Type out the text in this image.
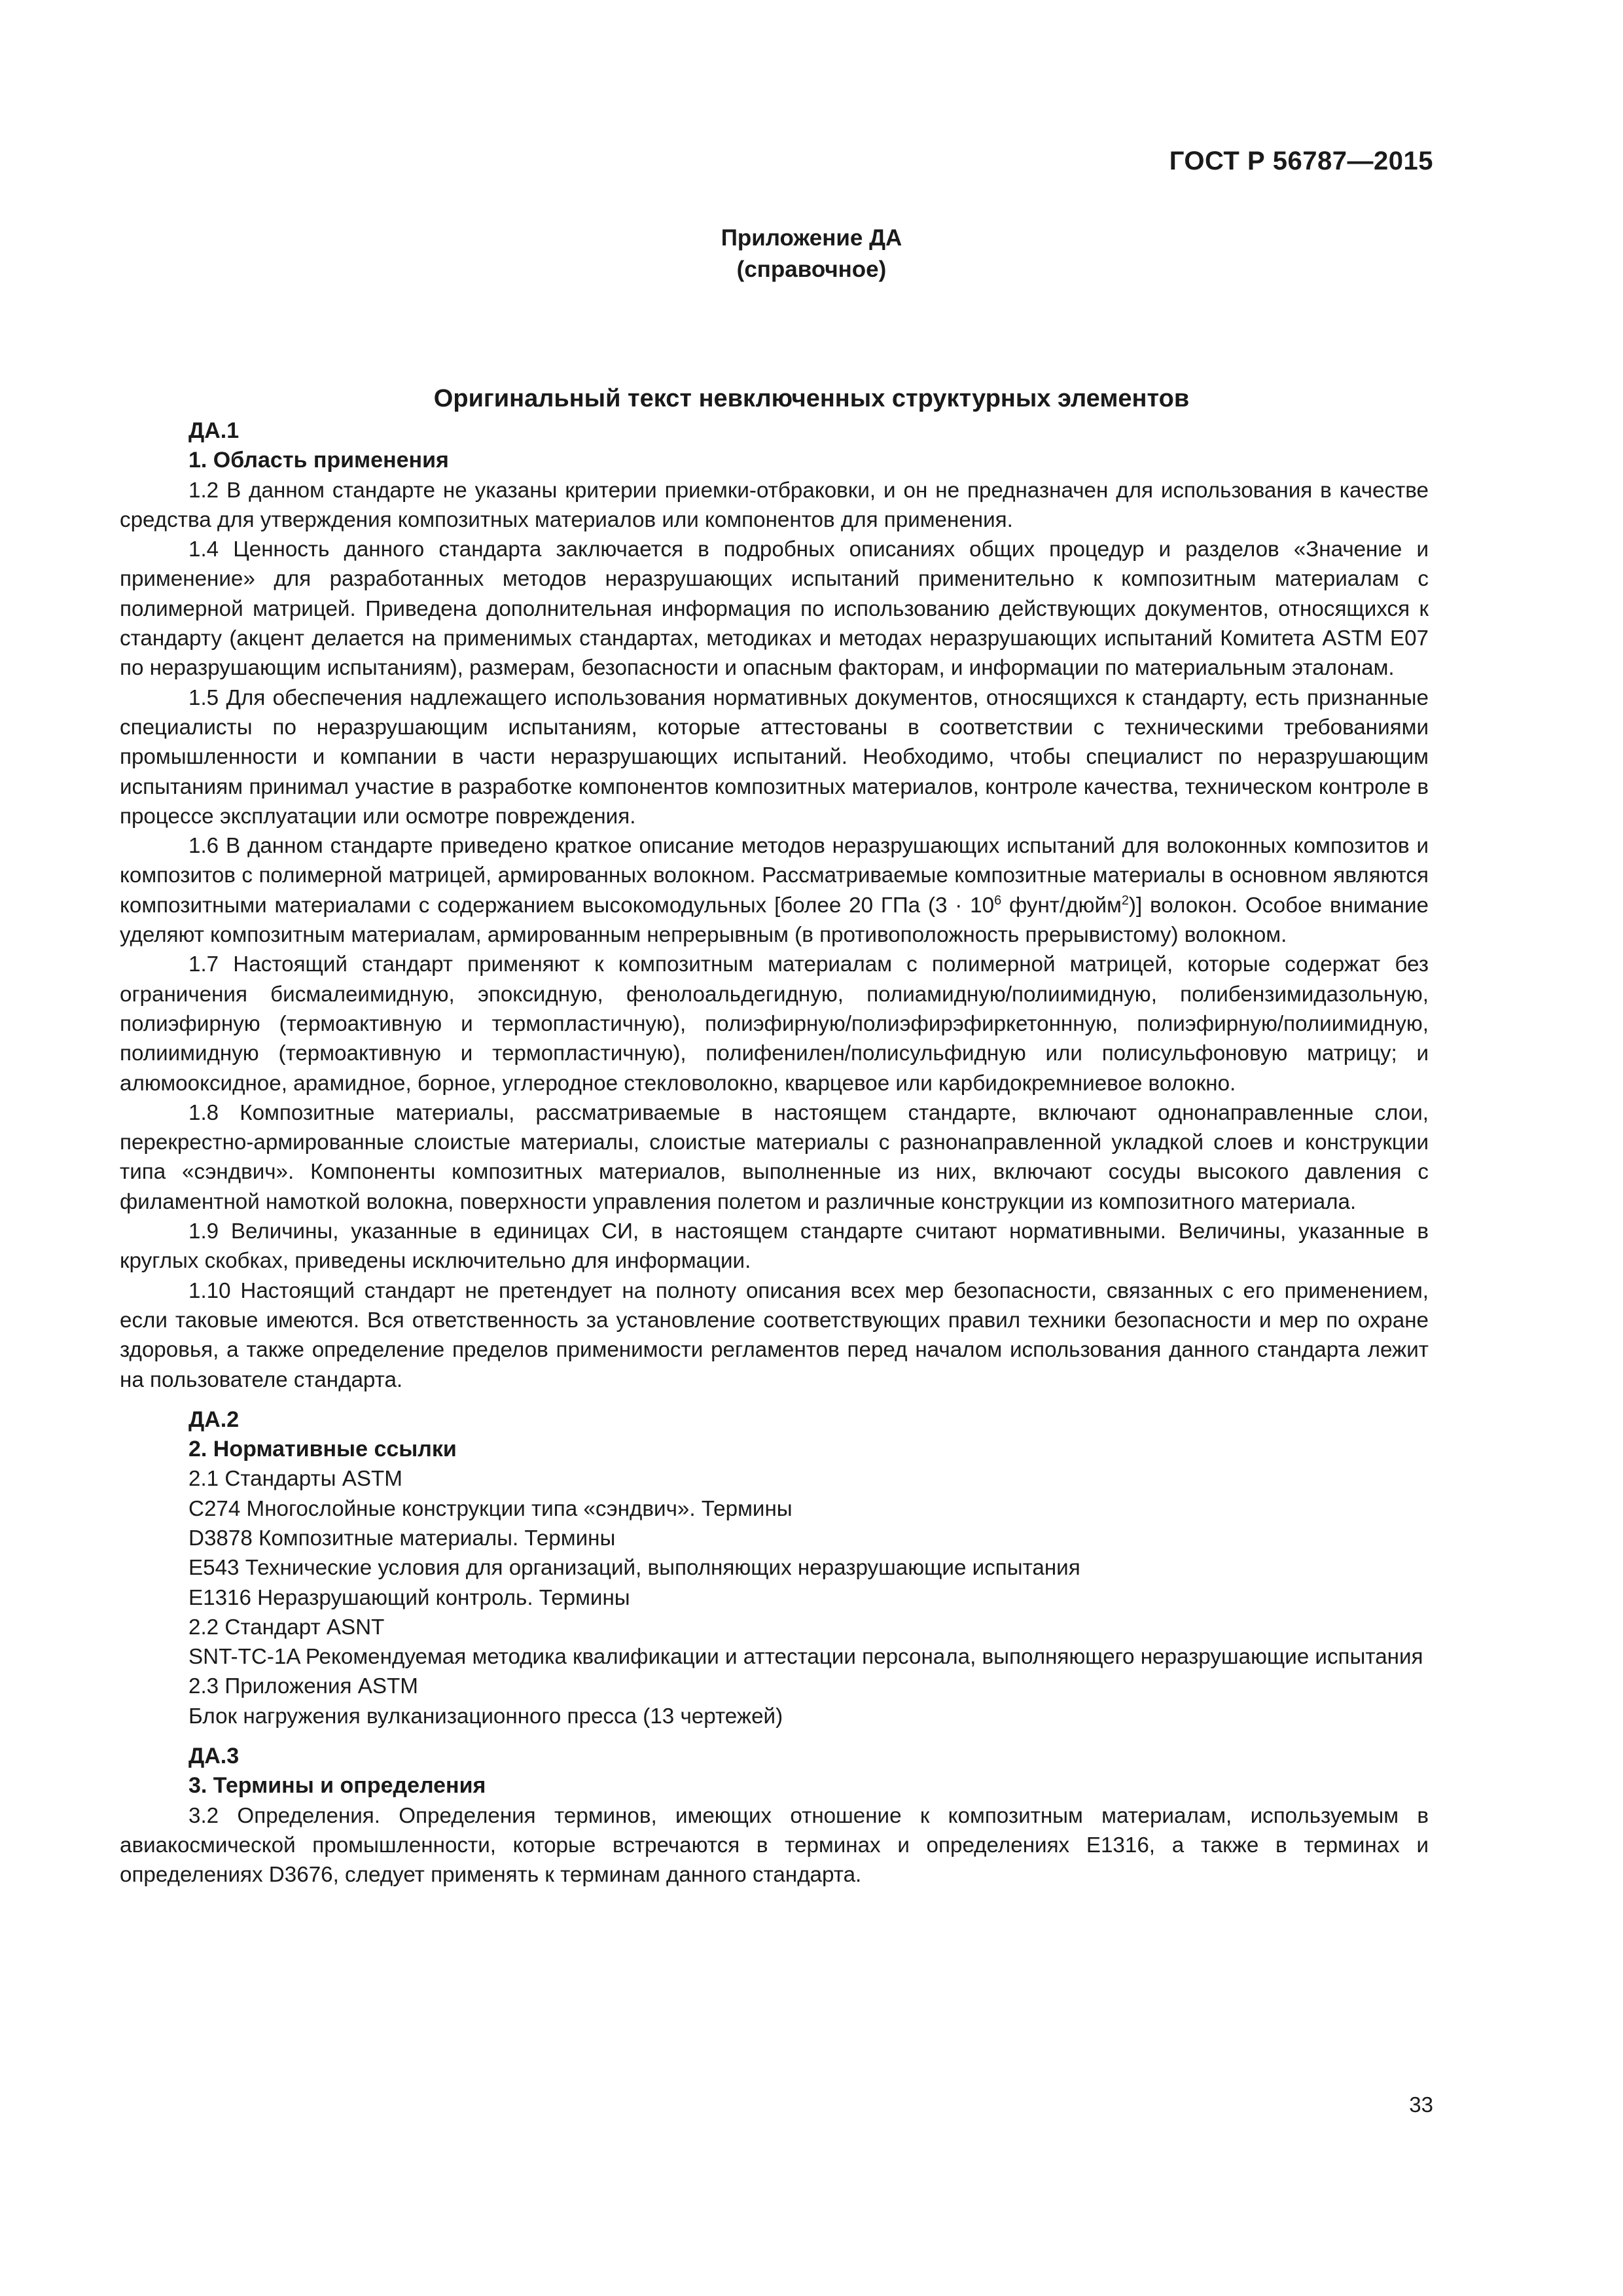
ГОСТ Р 56787—2015
Приложение ДА
(справочное)
Оригинальный текст невключенных структурных элементов
ДА.1
1. Область применения

1.2 В данном стандарте не указаны критерии приемки-отбраковки, и он не предназначен для использования в качестве средства для утверждения композитных материалов или компонентов для применения.

1.4 Ценность данного стандарта заключается в подробных описаниях общих процедур и разделов «Значение и применение» для разработанных методов неразрушающих испытаний применительно к композитным материалам с полимерной матрицей. Приведена дополнительная информация по использованию действующих документов, относящихся к стандарту (акцент делается на применимых стандартах, методиках и методах неразрушающих испытаний Комитета ASTM E07 по неразрушающим испытаниям), размерам, безопасности и опасным факторам, и информации по материальным эталонам.

1.5 Для обеспечения надлежащего использования нормативных документов, относящихся к стандарту, есть признанные специалисты по неразрушающим испытаниям, которые аттестованы в соответствии с техническими требованиями промышленности и компании в части неразрушающих испытаний. Необходимо, чтобы специалист по неразрушающим испытаниям принимал участие в разработке компонентов композитных материалов, контроле качества, техническом контроле в процессе эксплуатации или осмотре повреждения.

1.6 В данном стандарте приведено краткое описание методов неразрушающих испытаний для волоконных композитов и композитов с полимерной матрицей, армированных волокном. Рассматриваемые композитные материалы в основном являются композитными материалами с содержанием высокомодульных [более 20 ГПа ($3 \cdot 10^6$ фунт/дюйм$^2$)] волокон. Особое внимание уделяют композитным материалам, армированным непрерывным (в противоположность прерывистому) волокном.

1.7 Настоящий стандарт применяют к композитным материалам с полимерной матрицей, которые содержат без ограничения бисмалеимидную, эпоксидную, фенолоальдегидную, полиамидную/полиимидную, полибензимидазольную, полиэфирную (термоактивную и термопластичную), полиэфирную/полиэфирэфиркетоннную, полиэфирную/полиимидную, полиимидную (термоактивную и термопластичную), полифенилен/полисульфидную или полисульфоновую матрицу; и алюмооксидное, арамидное, борное, углеродное стекловолокно, кварцевое или карбидокремниевое волокно.

1.8 Композитные материалы, рассматриваемые в настоящем стандарте, включают однонаправленные слои, перекрестно-армированные слоистые материалы, слоистые материалы с разнонаправленной укладкой слоев и конструкции типа «сэндвич». Компоненты композитных материалов, выполненные из них, включают сосуды высокого давления с филаментной намоткой волокна, поверхности управления полетом и различные конструкции из композитного материала.

1.9 Величины, указанные в единицах СИ, в настоящем стандарте считают нормативными. Величины, указанные в круглых скобках, приведены исключительно для информации.

1.10 Настоящий стандарт не претендует на полноту описания всех мер безопасности, связанных с его применением, если таковые имеются. Вся ответственность за установление соответствующих правил техники безопасности и мер по охране здоровья, а также определение пределов применимости регламентов перед началом использования данного стандарта лежит на пользователе стандарта.

ДА.2
2. Нормативные ссылки
2.1 Стандарты ASTM
C274 Многослойные конструкции типа «сэндвич». Термины
D3878 Композитные материалы. Термины
E543 Технические условия для организаций, выполняющих неразрушающие испытания
E1316 Неразрушающий контроль. Термины
2.2 Стандарт ASNT

SNT-TC-1A Рекомендуемая методика квалификации и аттестации персонала, выполняющего неразрушающие испытания

2.3 Приложения ASTM
Блок нагружения вулканизационного пресса (13 чертежей)
ДА.3
3. Термины и определения

3.2 Определения. Определения терминов, имеющих отношение к композитным материалам, используемым в авиакосмической промышленности, которые встречаются в терминах и определениях E1316, а также в терминах и определениях D3676, следует применять к терминам данного стандарта.

33
